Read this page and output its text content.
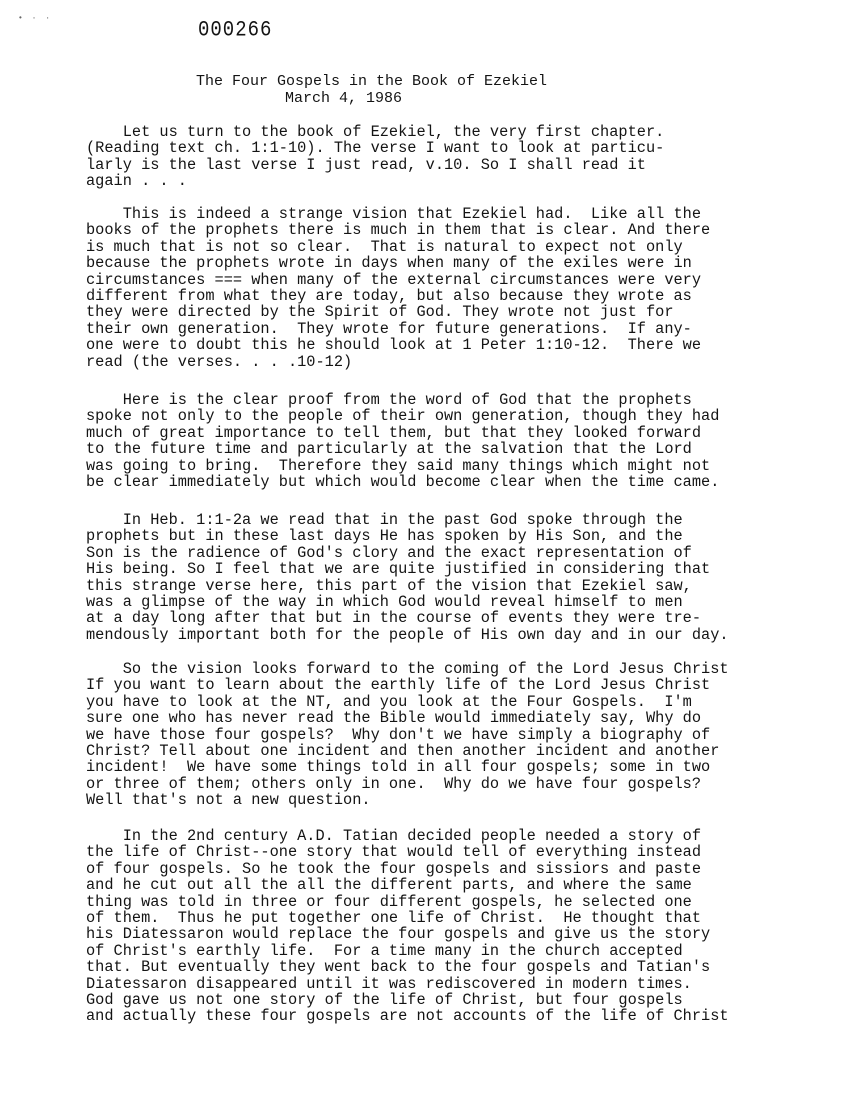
• · ·	000266
The Four Gospels in the Book of Ezekiel
March 4, 1986

Let us turn to the book of Ezekiel, the very first chapter.
(Reading text ch. 1:1-10). The verse I want to look at particu-
larly is the last verse I just read, v.10. So I shall read it
again . . .

This is indeed a strange vision that Ezekiel had.  Like all the
books of the prophets there is much in them that is clear. And there
is much that is not so clear.  That is natural to expect not only
because the prophets wrote in days when many of the exiles were in
circumstances === when many of the external circumstances were very
different from what they are today, but also because they wrote as
they were directed by the Spirit of God. They wrote not just for
their own generation.  They wrote for future generations.  If any-
one were to doubt this he should look at 1 Peter 1:10-12.  There we
read (the verses. . . .10-12)

Here is the clear proof from the word of God that the prophets
spoke not only to the people of their own generation, though they had
much of great importance to tell them, but that they looked forward
to the future time and particularly at the salvation that the Lord
was going to bring.  Therefore they said many things which might not
be clear immediately but which would become clear when the time came.

In Heb. 1:1-2a we read that in the past God spoke through the
prophets but in these last days He has spoken by His Son, and the
Son is the radience of God's clory and the exact representation of
His being. So I feel that we are quite justified in considering that
this strange verse here, this part of the vision that Ezekiel saw,
was a glimpse of the way in which God would reveal himself to men
at a day long after that but in the course of events they were tre-
mendously important both for the people of His own day and in our day.

So the vision looks forward to the coming of the Lord Jesus Christ
If you want to learn about the earthly life of the Lord Jesus Christ
you have to look at the NT, and you look at the Four Gospels.  I'm
sure one who has never read the Bible would immediately say, Why do
we have those four gospels?  Why don't we have simply a biography of
Christ? Tell about one incident and then another incident and another
incident!  We have some things told in all four gospels; some in two
or three of them; others only in one.  Why do we have four gospels?
Well that's not a new question.

In the 2nd century A.D. Tatian decided people needed a story of
the life of Christ--one story that would tell of everything instead
of four gospels. So he took the four gospels and sissiors and paste
and he cut out all the all the different parts, and where the same
thing was told in three or four different gospels, he selected one
of them.  Thus he put together one life of Christ.  He thought that
his Diatessaron would replace the four gospels and give us the story
of Christ's earthly life.  For a time many in the church accepted
that. But eventually they went back to the four gospels and Tatian's
Diatessaron disappeared until it was rediscovered in modern times.
God gave us not one story of the life of Christ, but four gospels
and actually these four gospels are not accounts of the life of Christ
